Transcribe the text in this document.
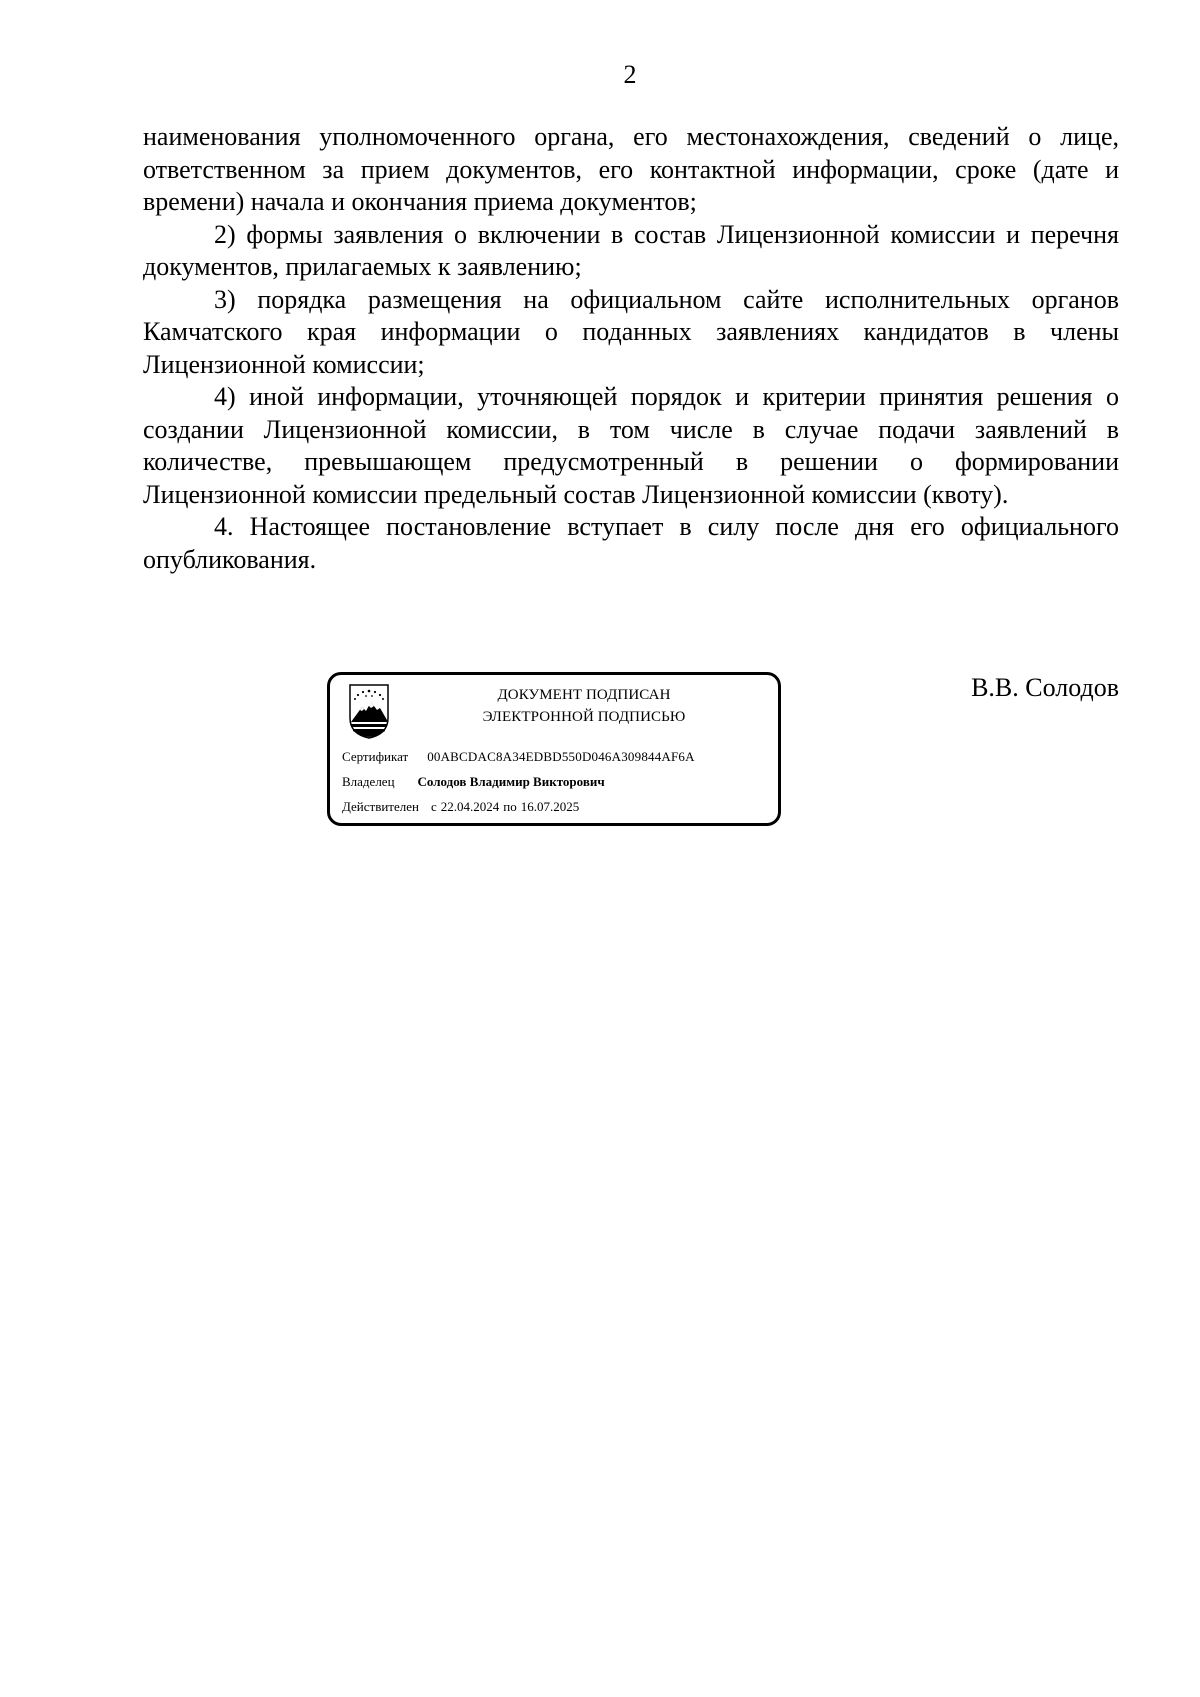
2

наименования уполномоченного органа, его местонахождения, сведений о лице, ответственном за прием документов, его контактной информации, сроке (дате и времени) начала и окончания приема документов;

2) формы заявления о включении в состав Лицензионной комиссии и перечня документов, прилагаемых к заявлению;

3) порядка размещения на официальном сайте исполнительных органов Камчатского края информации о поданных заявлениях кандидатов в члены Лицензионной комиссии;

4) иной информации, уточняющей порядок и критерии принятия решения о создании Лицензионной комиссии, в том числе в случае подачи заявлений в количестве, превышающем предусмотренный в решении о формировании Лицензионной комиссии предельный состав Лицензионной комиссии (квоту).

4. Настоящее постановление вступает в силу после дня его официального опубликования.

ДОКУМЕНТ ПОДПИСАН
ЭЛЕКТРОННОЙ ПОДПИСЬЮ
Сертификат 00ABCDAC8A34EDBD550D046A309844AF6A
Владелец Солодов Владимир Викторович
Действителен с 22.04.2024 по 16.07.2025
В.В. Солодов
